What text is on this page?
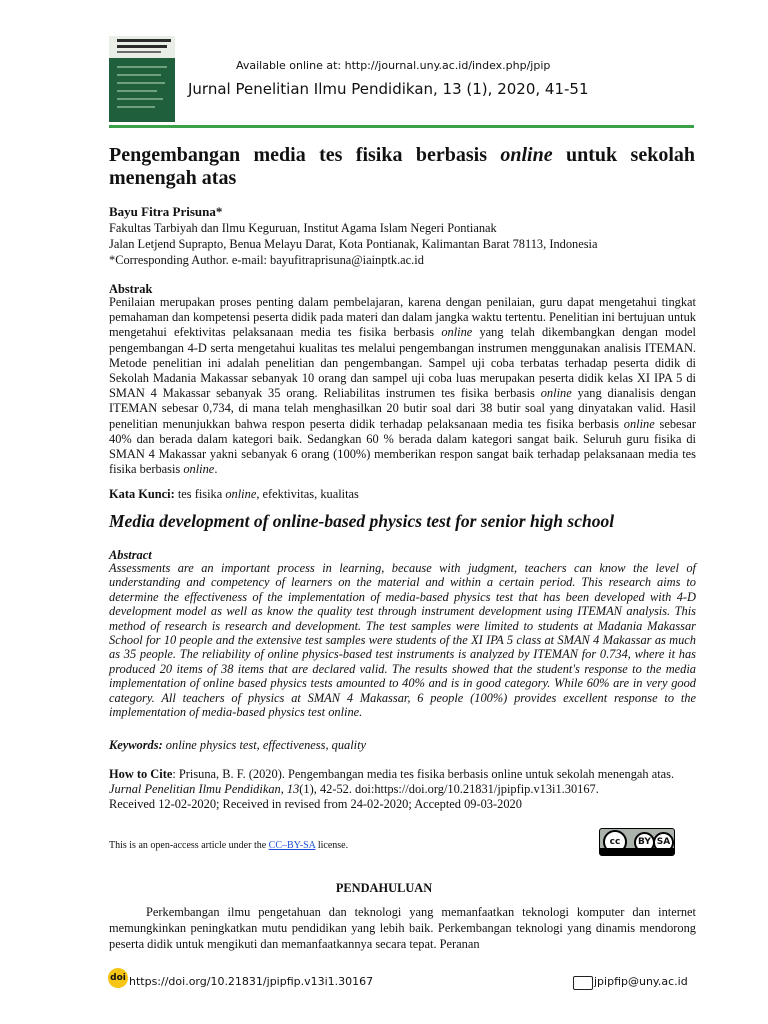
Available online at: http://journal.uny.ac.id/index.php/jpip
Jurnal Penelitian Ilmu Pendidikan, 13 (1), 2020, 41-51
Pengembangan media tes fisika berbasis online untuk sekolah menengah atas
Bayu Fitra Prisuna*
Fakultas Tarbiyah dan Ilmu Keguruan, Institut Agama Islam Negeri Pontianak
Jalan Letjend Suprapto, Benua Melayu Darat, Kota Pontianak, Kalimantan Barat 78113, Indonesia
*Corresponding Author. e-mail: bayufitraprisuna@iainptk.ac.id
Abstrak
Penilaian merupakan proses penting dalam pembelajaran, karena dengan penilaian, guru dapat mengetahui tingkat pemahaman dan kompetensi peserta didik pada materi dan dalam jangka waktu tertentu. Penelitian ini bertujuan untuk mengetahui efektivitas pelaksanaan media tes fisika berbasis online yang telah dikembangkan dengan model pengembangan 4-D serta mengetahui kualitas tes melalui pengembangan instrumen menggunakan analisis ITEMAN. Metode penelitian ini adalah penelitian dan pengembangan. Sampel uji coba terbatas terhadap peserta didik di Sekolah Madania Makassar sebanyak 10 orang dan sampel uji coba luas merupakan peserta didik kelas XI IPA 5 di SMAN 4 Makassar sebanyak 35 orang. Reliabilitas instrumen tes fisika berbasis online yang dianalisis dengan ITEMAN sebesar 0,734, di mana telah menghasilkan 20 butir soal dari 38 butir soal yang dinyatakan valid. Hasil penelitian menunjukkan bahwa respon peserta didik terhadap pelaksanaan media tes fisika berbasis online sebesar 40% dan berada dalam kategori baik. Sedangkan 60 % berada dalam kategori sangat baik. Seluruh guru fisika di SMAN 4 Makassar yakni sebanyak 6 orang (100%) memberikan respon sangat baik terhadap pelaksanaan media tes fisika berbasis online.
Kata Kunci: tes fisika online, efektivitas, kualitas
Media development of online-based physics test for senior high school
Abstract
Assessments are an important process in learning, because with judgment, teachers can know the level of understanding and competency of learners on the material and within a certain period. This research aims to determine the effectiveness of the implementation of media-based physics test that has been developed with 4-D development model as well as know the quality test through instrument development using ITEMAN analysis. This method of research is research and development. The test samples were limited to students at Madania Makassar School for 10 people and the extensive test samples were students of the XI IPA 5 class at SMAN 4 Makassar as much as 35 people. The reliability of online physics-based test instruments is analyzed by ITEMAN for 0.734, where it has produced 20 items of 38 items that are declared valid. The results showed that the student's response to the media implementation of online based physics tests amounted to 40% and is in good category. While 60% are in very good category. All teachers of physics at SMAN 4 Makassar, 6 people (100%) provides excellent response to the implementation of media-based physics test online.
Keywords: online physics test, effectiveness, quality
How to Cite: Prisuna, B. F. (2020). Pengembangan media tes fisika berbasis online untuk sekolah menengah atas. Jurnal Penelitian Ilmu Pendidikan, 13(1), 42-52. doi:https://doi.org/10.21831/jpipfip.v13i1.30167.
Received 12-02-2020; Received in revised from 24-02-2020; Accepted 09-03-2020
This is an open-access article under the CC–BY-SA license.	cc	BY SA
PENDAHULUAN
Perkembangan ilmu pengetahuan dan teknologi yang memanfaatkan teknologi komputer dan internet memungkinkan peningkatkan mutu pendidikan yang lebih baik. Perkembangan teknologi yang dinamis mendorong peserta didik untuk mengikuti dan memanfaatkannya secara tepat. Peranan
doi https://doi.org/10.21831/jpipfip.v13i1.30167	jpipfip@uny.ac.id
